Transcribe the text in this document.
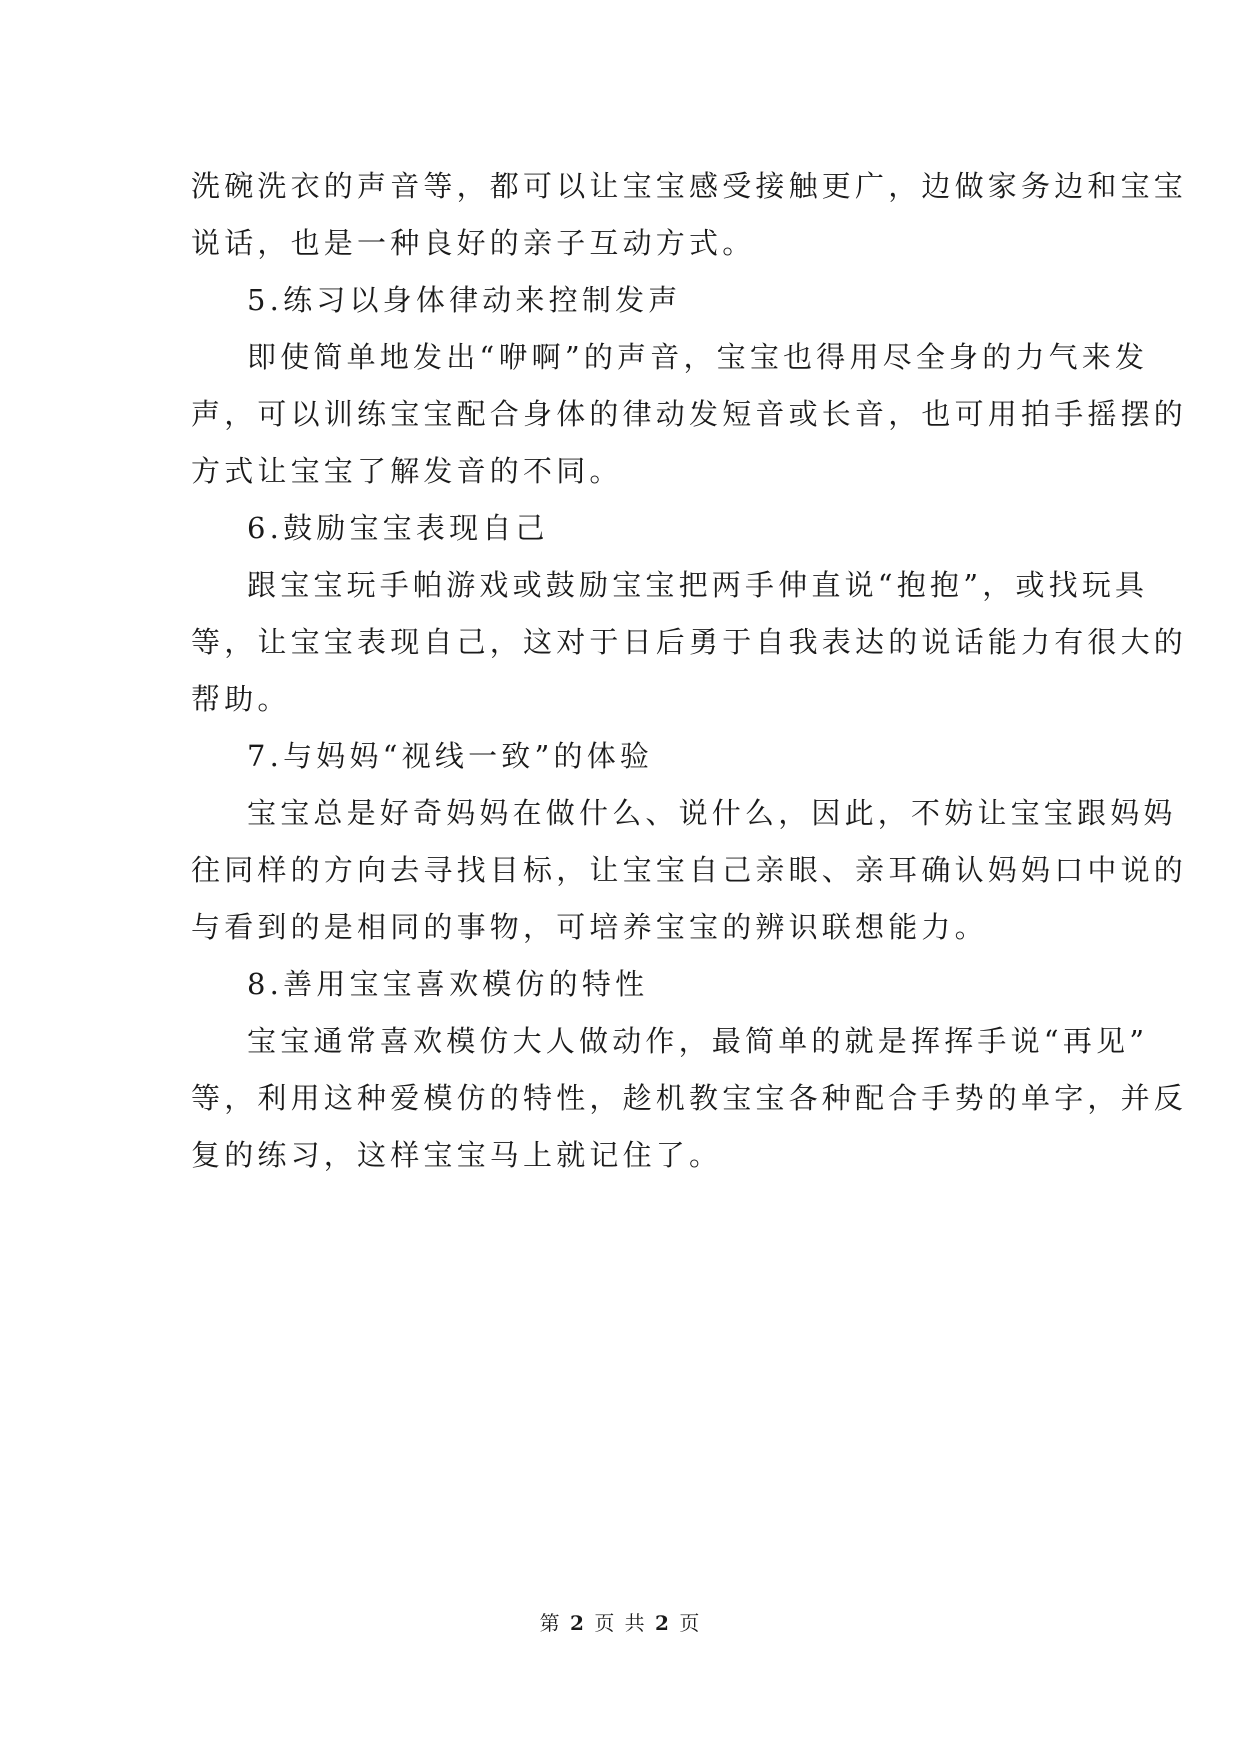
洗碗洗衣的声音等，都可以让宝宝感受接触更广，边做家务边和宝宝
说话，也是一种良好的亲子互动方式。
5.练习以身体律动来控制发声
即使简单地发出“咿啊”的声音，宝宝也得用尽全身的力气来发
声，可以训练宝宝配合身体的律动发短音或长音，也可用拍手摇摆的
方式让宝宝了解发音的不同。
6.鼓励宝宝表现自己
跟宝宝玩手帕游戏或鼓励宝宝把两手伸直说“抱抱”，或找玩具
等，让宝宝表现自己，这对于日后勇于自我表达的说话能力有很大的
帮助。
7.与妈妈“视线一致”的体验
宝宝总是好奇妈妈在做什么、说什么，因此，不妨让宝宝跟妈妈
往同样的方向去寻找目标，让宝宝自己亲眼、亲耳确认妈妈口中说的
与看到的是相同的事物，可培养宝宝的辨识联想能力。
8.善用宝宝喜欢模仿的特性
宝宝通常喜欢模仿大人做动作，最简单的就是挥挥手说“再见”
等，利用这种爱模仿的特性，趁机教宝宝各种配合手势的单字，并反
复的练习，这样宝宝马上就记住了。
第 2 页 共 2 页
